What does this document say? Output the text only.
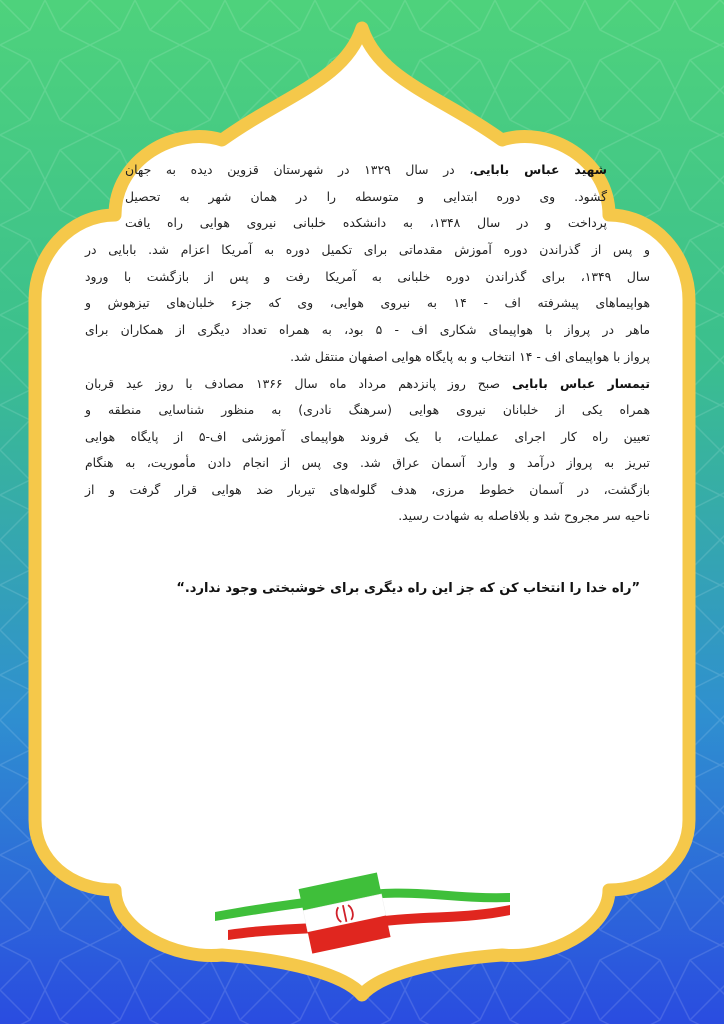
شهید عباس بابایی، در سال ۱۳۲۹ در شهرستان قزوین دیده به جهان
گشود. وی دوره ابتدایی و متوسطه را در همان شهر به تحصیل
پرداخت و در سال ۱۳۴۸، به دانشکده خلبانی نیروی هوایی راه یافت
و پس از گذراندن دوره آموزش مقدماتی برای تکمیل دوره به آمریکا اعزام شد. بابایی در
سال ۱۳۴۹، برای گذراندن دوره خلبانی به آمریکا رفت و پس از بازگشت با ورود
هواپیماهای پیشرفته اف - ۱۴ به نیروی هوایی، وی که جزء خلبان‌های تیزهوش و
ماهر در پرواز با هواپیمای شکاری اف - ۵ بود، به همراه تعداد دیگری از همکاران برای
پرواز با هواپیمای اف - ۱۴ انتخاب و به پایگاه هوایی اصفهان منتقل شد.
تیمسار عباس بابایی صبح روز پانزدهم مرداد ماه سال ۱۳۶۶ مصادف با روز عید قربان
همراه یکی از خلبانان نیروی هوایی (سرهنگ نادری) به منظور شناسایی منطقه و
تعیین راه کار اجرای عملیات، با یک فروند هواپیمای آموزشی اف-۵ از پایگاه هوایی
تبریز به پرواز درآمد و وارد آسمان عراق شد. وی پس از انجام دادن مأموریت، به هنگام
بازگشت، در آسمان خطوط مرزی، هدف گلوله‌های تیربار ضد هوایی قرار گرفت و از
ناحیه سر مجروح شد و بلافاصله به شهادت رسید.
”راه خدا را انتخاب کن که جز این راه دیگری برای خوشبختی وجود ندارد.“
